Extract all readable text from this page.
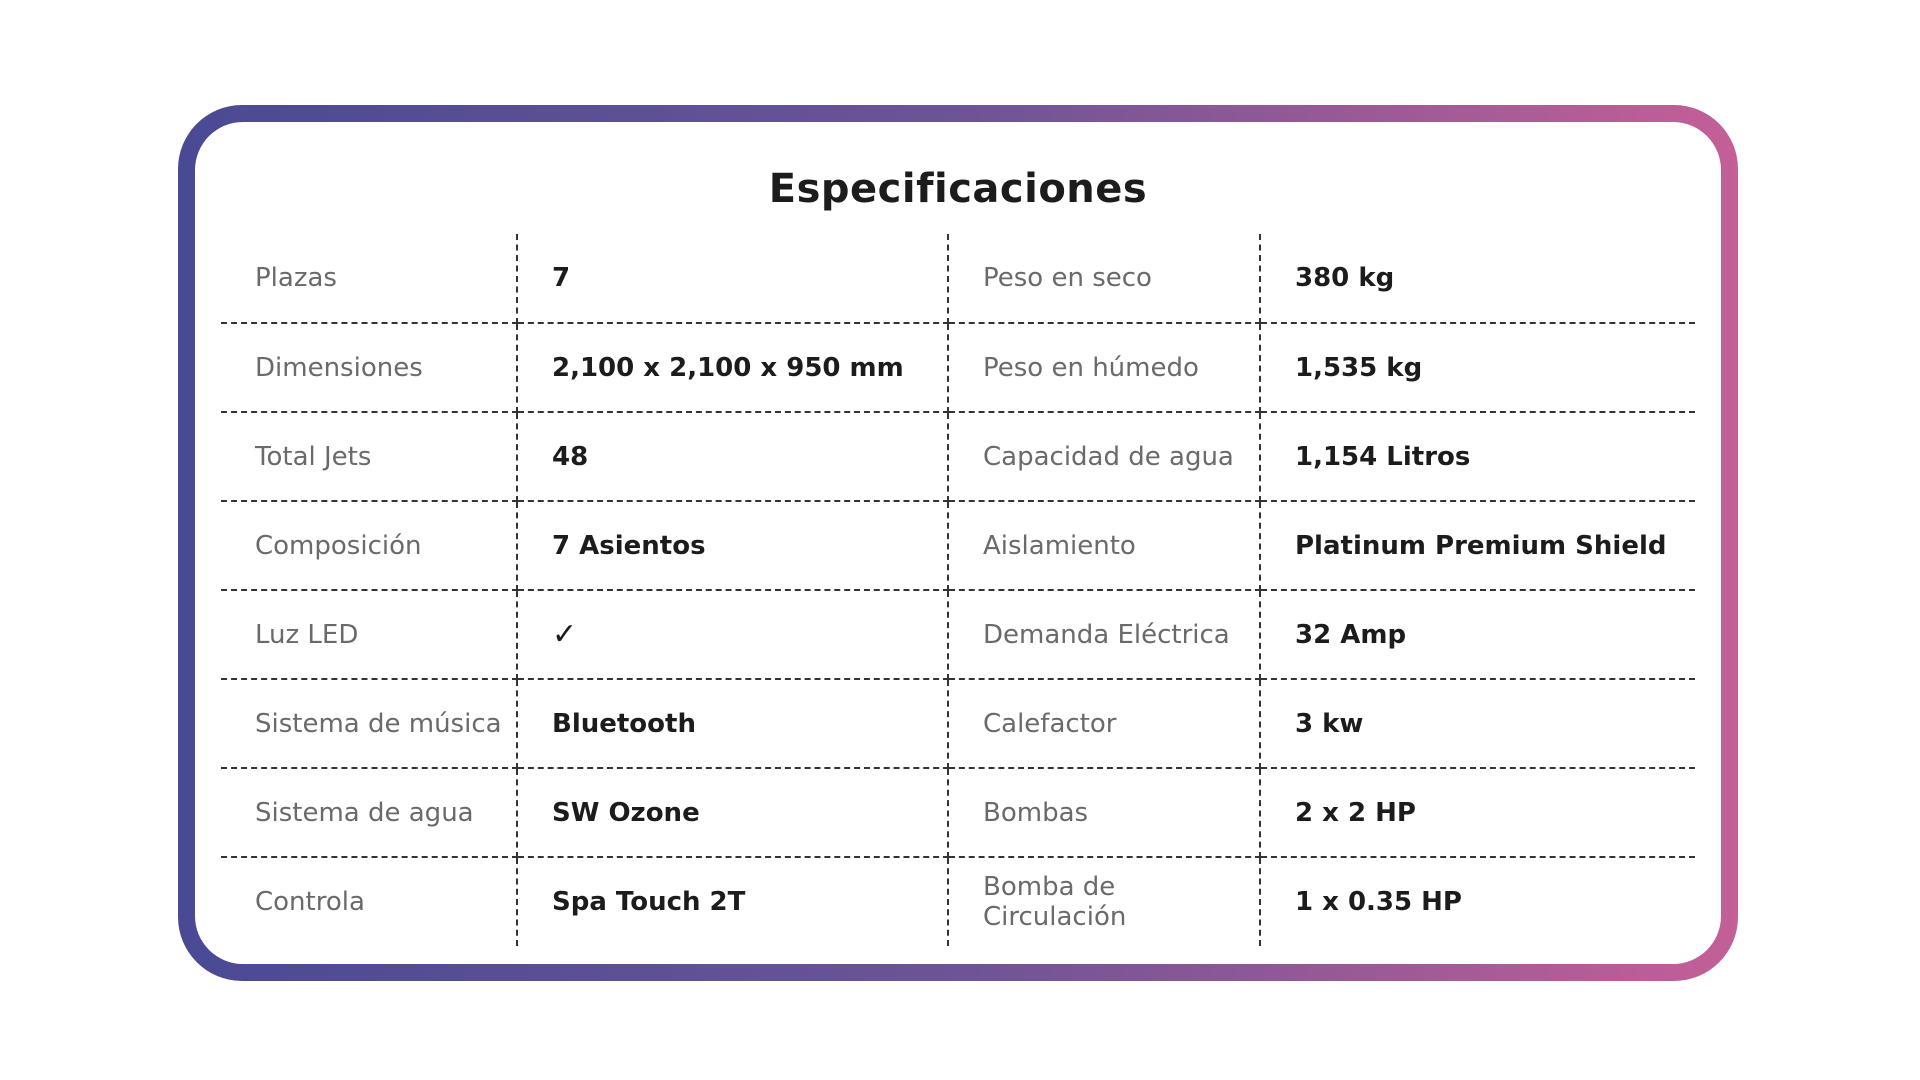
Especificaciones
Plazas	7	Peso en seco	380 kg
Dimensiones	2,100 x 2,100 x 950 mm	Peso en húmedo	1,535 kg
Total Jets	48	Capacidad de agua	1,154 Litros
Composición	7 Asientos	Aislamiento	Platinum Premium Shield
Luz LED	✓	Demanda Eléctrica	32 Amp
Sistema de música	Bluetooth	Calefactor	3 kw
Sistema de agua	SW Ozone	Bombas	2 x 2 HP
Controla	Spa Touch 2T	Bomba de Circulación	1 x 0.35 HP
